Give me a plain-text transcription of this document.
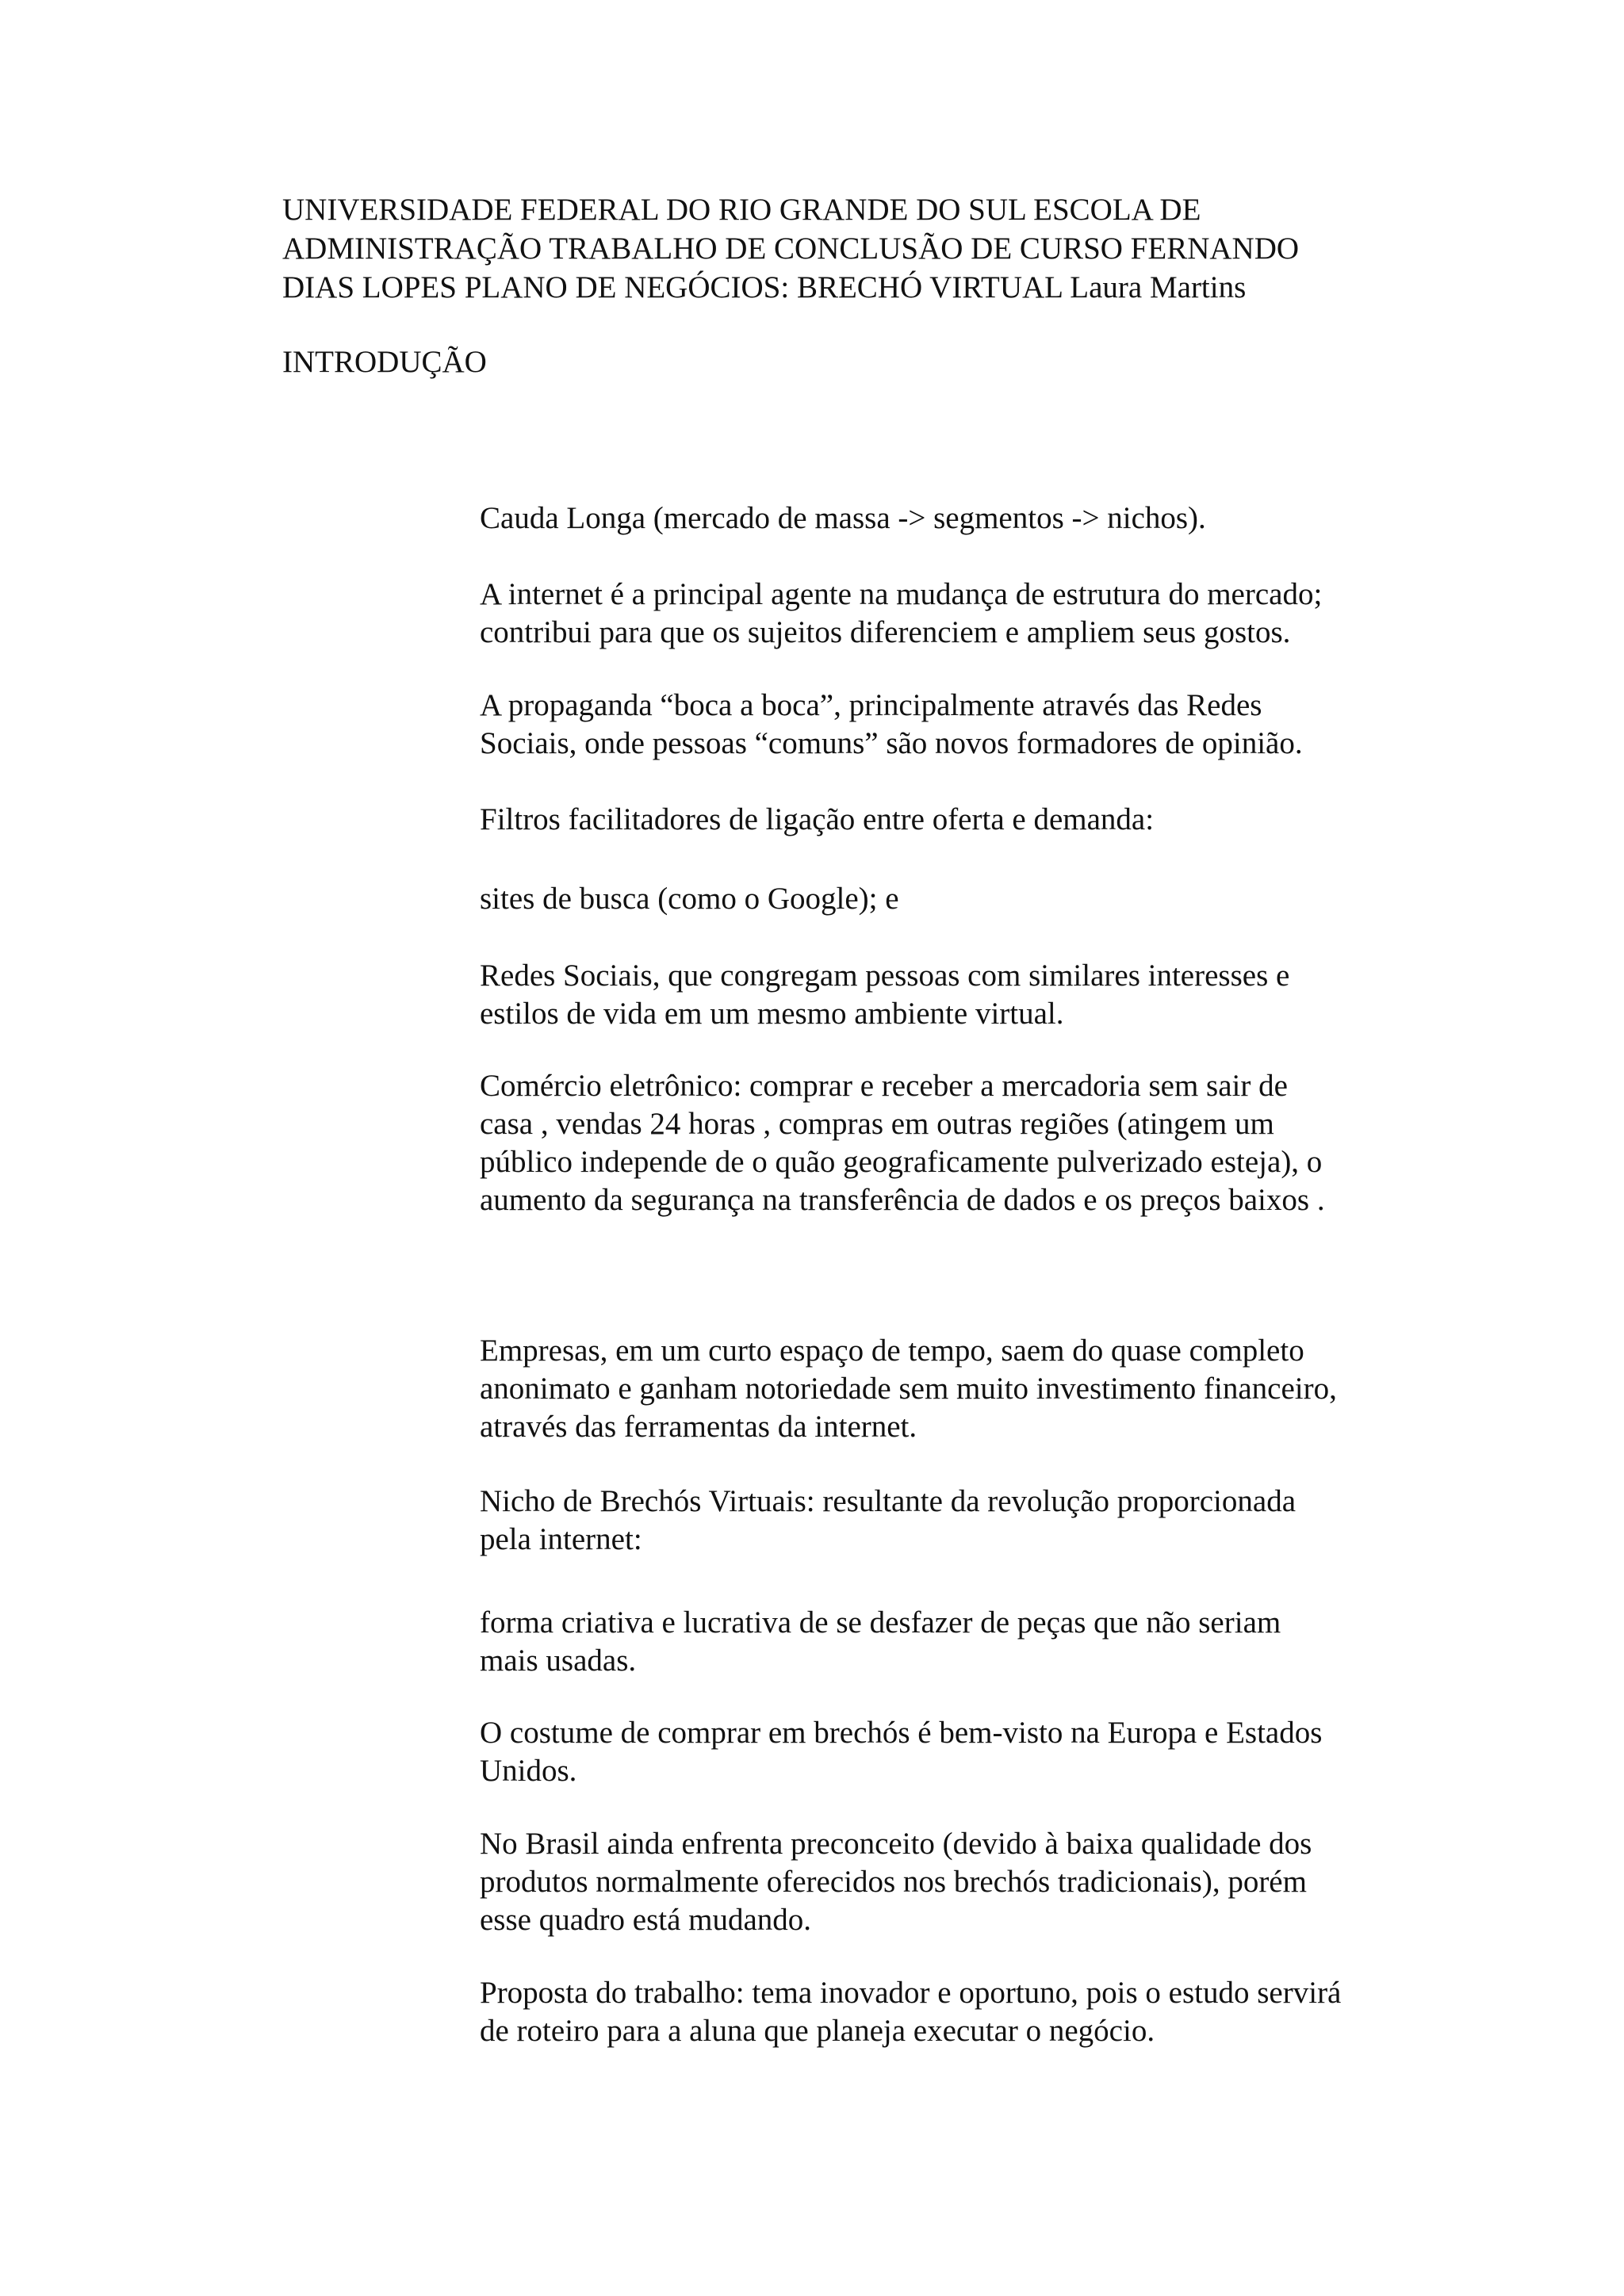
UNIVERSIDADE FEDERAL DO RIO GRANDE DO SUL ESCOLA DE
ADMINISTRAÇÃO TRABALHO DE CONCLUSÃO DE CURSO FERNANDO
DIAS LOPES PLANO DE NEGÓCIOS: BRECHÓ VIRTUAL Laura Martins
INTRODUÇÃO

Cauda Longa (mercado de massa -> segmentos -> nichos).

A internet é a principal agente na mudança de estrutura do mercado;
contribui para que os sujeitos diferenciem e ampliem seus gostos.

A propaganda “boca a boca”, principalmente através das Redes
Sociais, onde pessoas “comuns” são novos formadores de opinião.

Filtros facilitadores de ligação entre oferta e demanda:

sites de busca (como o Google); e

Redes Sociais, que congregam pessoas com similares interesses e
estilos de vida em um mesmo ambiente virtual.

Comércio eletrônico: comprar e receber a mercadoria sem sair de
casa , vendas 24 horas , compras em outras regiões (atingem um
público independe de o quão geograficamente pulverizado esteja), o
aumento da segurança na transferência de dados e os preços baixos .

Empresas, em um curto espaço de tempo, saem do quase completo
anonimato e ganham notoriedade sem muito investimento financeiro,
através das ferramentas da internet.

Nicho de Brechós Virtuais: resultante da revolução proporcionada
pela internet:

forma criativa e lucrativa de se desfazer de peças que não seriam
mais usadas.

O costume de comprar em brechós é bem-visto na Europa e Estados
Unidos.

No Brasil ainda enfrenta preconceito (devido à baixa qualidade dos
produtos normalmente oferecidos nos brechós tradicionais), porém
esse quadro está mudando.

Proposta do trabalho: tema inovador e oportuno, pois o estudo servirá
de roteiro para a aluna que planeja executar o negócio.
